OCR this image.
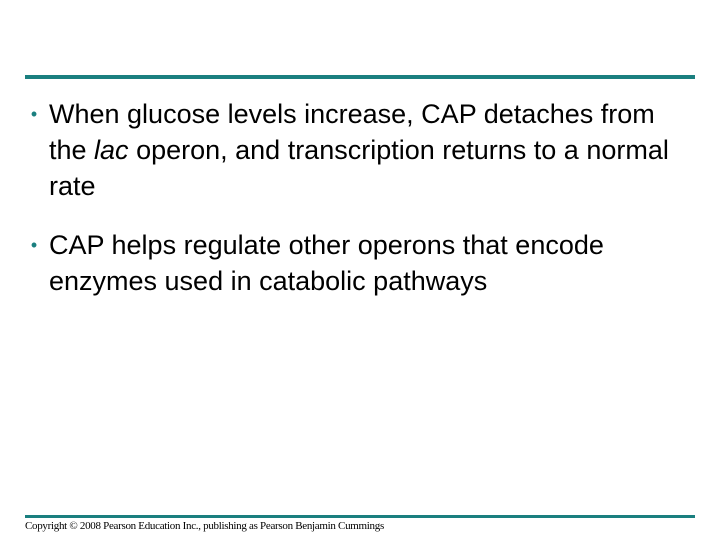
• When glucose levels increase, CAP detaches from the lac operon, and transcription returns to a normal rate
• CAP helps regulate other operons that encode enzymes used in catabolic pathways
Copyright © 2008 Pearson Education Inc., publishing as Pearson Benjamin Cummings
